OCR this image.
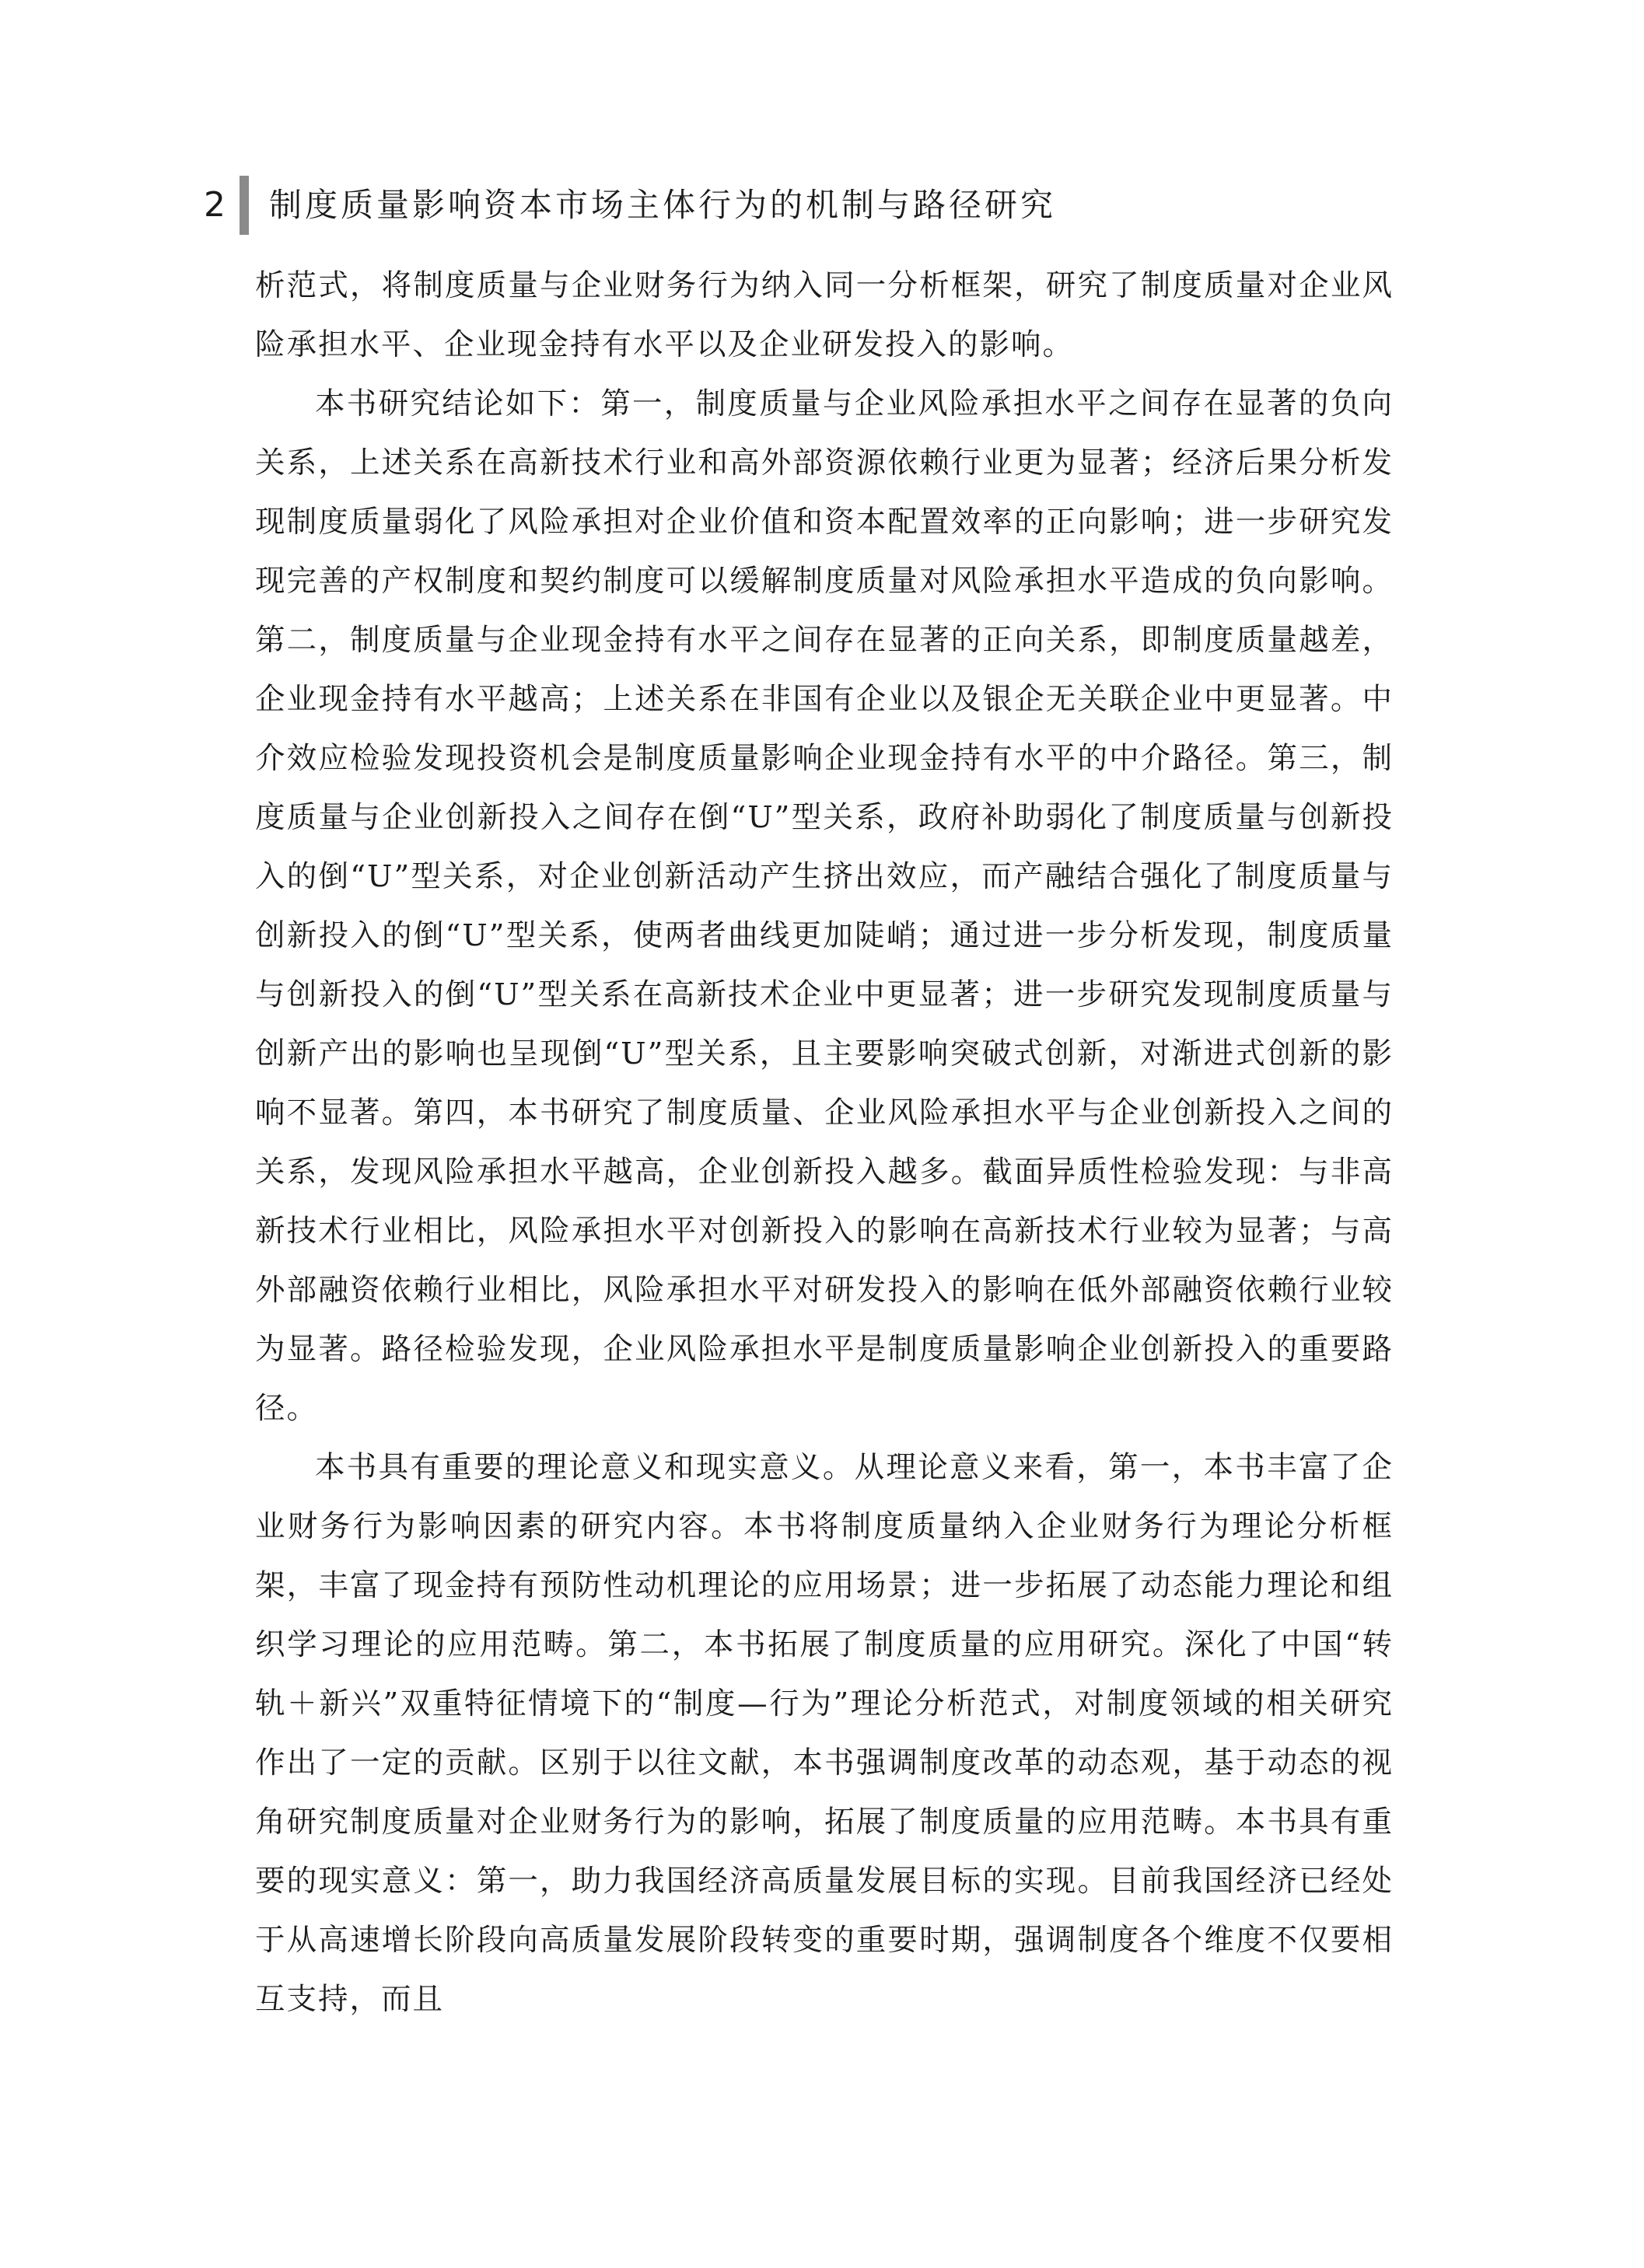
2 制度质量影响资本市场主体行为的机制与路径研究

析范式，将制度质量与企业财务行为纳入同一分析框架，研究了制度质量对企业风险承担水平、企业现金持有水平以及企业研发投入的影响。

本书研究结论如下：第一，制度质量与企业风险承担水平之间存在显著的负向关系，上述关系在高新技术行业和高外部资源依赖行业更为显著；经济后果分析发现制度质量弱化了风险承担对企业价值和资本配置效率的正向影响；进一步研究发现完善的产权制度和契约制度可以缓解制度质量对风险承担水平造成的负向影响。第二，制度质量与企业现金持有水平之间存在显著的正向关系，即制度质量越差，企业现金持有水平越高；上述关系在非国有企业以及银企无关联企业中更显著。中介效应检验发现投资机会是制度质量影响企业现金持有水平的中介路径。第三，制度质量与企业创新投入之间存在倒“U”型关系，政府补助弱化了制度质量与创新投入的倒“U”型关系，对企业创新活动产生挤出效应，而产融结合强化了制度质量与创新投入的倒“U”型关系，使两者曲线更加陡峭；通过进一步分析发现，制度质量与创新投入的倒“U”型关系在高新技术企业中更显著；进一步研究发现制度质量与创新产出的影响也呈现倒“U”型关系，且主要影响突破式创新，对渐进式创新的影响不显著。第四，本书研究了制度质量、企业风险承担水平与企业创新投入之间的关系，发现风险承担水平越高，企业创新投入越多。截面异质性检验发现：与非高新技术行业相比，风险承担水平对创新投入的影响在高新技术行业较为显著；与高外部融资依赖行业相比，风险承担水平对研发投入的影响在低外部融资依赖行业较为显著。路径检验发现，企业风险承担水平是制度质量影响企业创新投入的重要路径。

本书具有重要的理论意义和现实意义。从理论意义来看，第一，本书丰富了企业财务行为影响因素的研究内容。本书将制度质量纳入企业财务行为理论分析框架，丰富了现金持有预防性动机理论的应用场景；进一步拓展了动态能力理论和组织学习理论的应用范畴。第二，本书拓展了制度质量的应用研究。深化了中国“转轨＋新兴”双重特征情境下的“制度—行为”理论分析范式，对制度领域的相关研究作出了一定的贡献。区别于以往文献，本书强调制度改革的动态观，基于动态的视角研究制度质量对企业财务行为的影响，拓展了制度质量的应用范畴。本书具有重要的现实意义：第一，助力我国经济高质量发展目标的实现。目前我国经济已经处于从高速增长阶段向高质量发展阶段转变的重要时期，强调制度各个维度不仅要相互支持，而且
